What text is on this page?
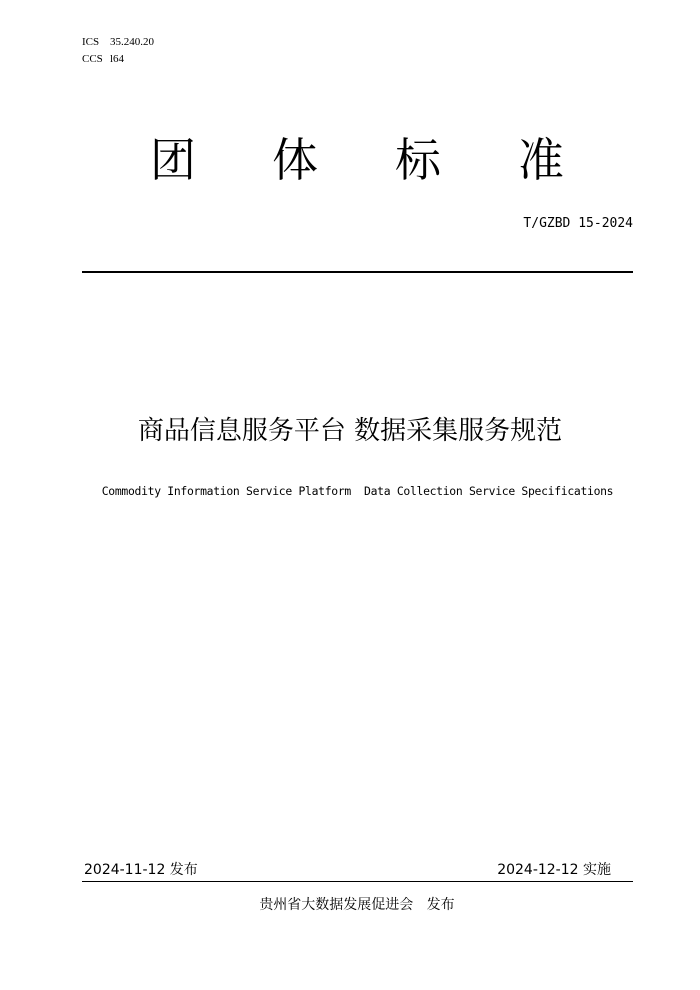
ICS 35.240.20
CCS l64
团 体 标 准
T/GZBD 15-2024
商品信息服务平台 数据采集服务规范
Commodity Information Service Platform  Data Collection Service Specifications
2024-11-12 发布	2024-12-12 实施
贵州省大数据发展促进会   发布
